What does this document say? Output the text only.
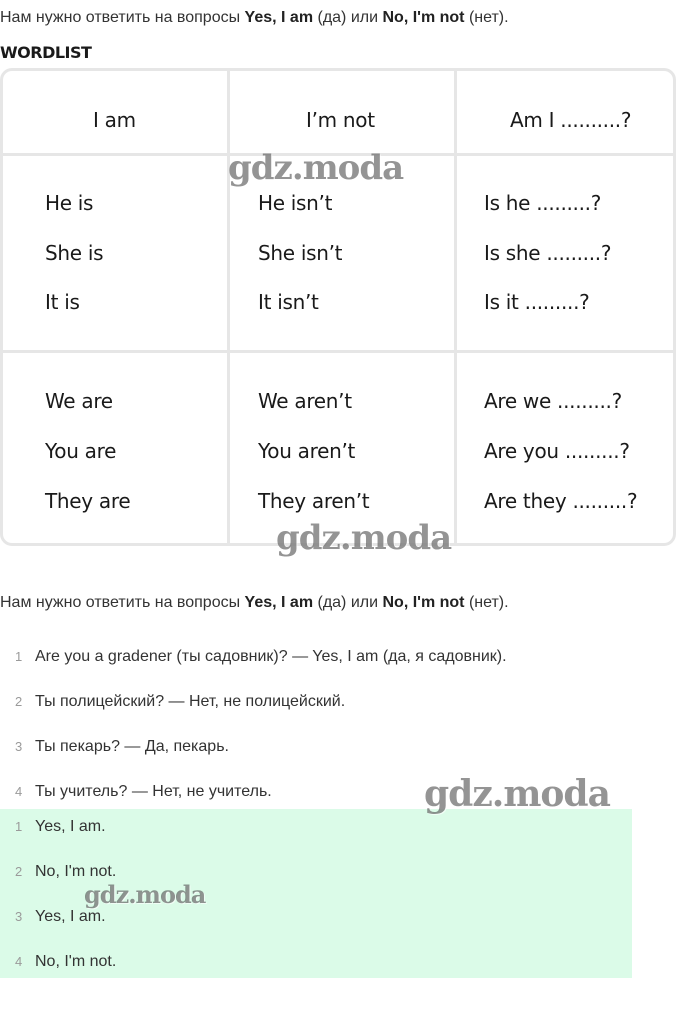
Нам нужно ответить на вопросы Yes, I am (да) или No, I'm not (нет).
WORDLIST
I am	I’m not	Am I ..........?
He is
She is
It is
He isn’t
She isn’t
It isn’t
Is he .........?
Is she .........?
Is it .........?
We are
You are
They are
We aren’t
You aren’t
They aren’t
Are we .........?
Are you .........?
Are they .........?
gdz.moda
gdz.moda
Нам нужно ответить на вопросы Yes, I am (да) или No, I'm not (нет).
1 Are you a gradener (ты садовник)? — Yes, I am (да, я садовник).
2 Ты полицейский? — Нет, не полицейский.
3 Ты пекарь? — Да, пекарь.
4 Ты учитель? — Нет, не учитель.
1 Yes, I am.
2 No, I'm not.
3 Yes, I am.
4 No, I'm not.
gdz.moda
gdz.moda
